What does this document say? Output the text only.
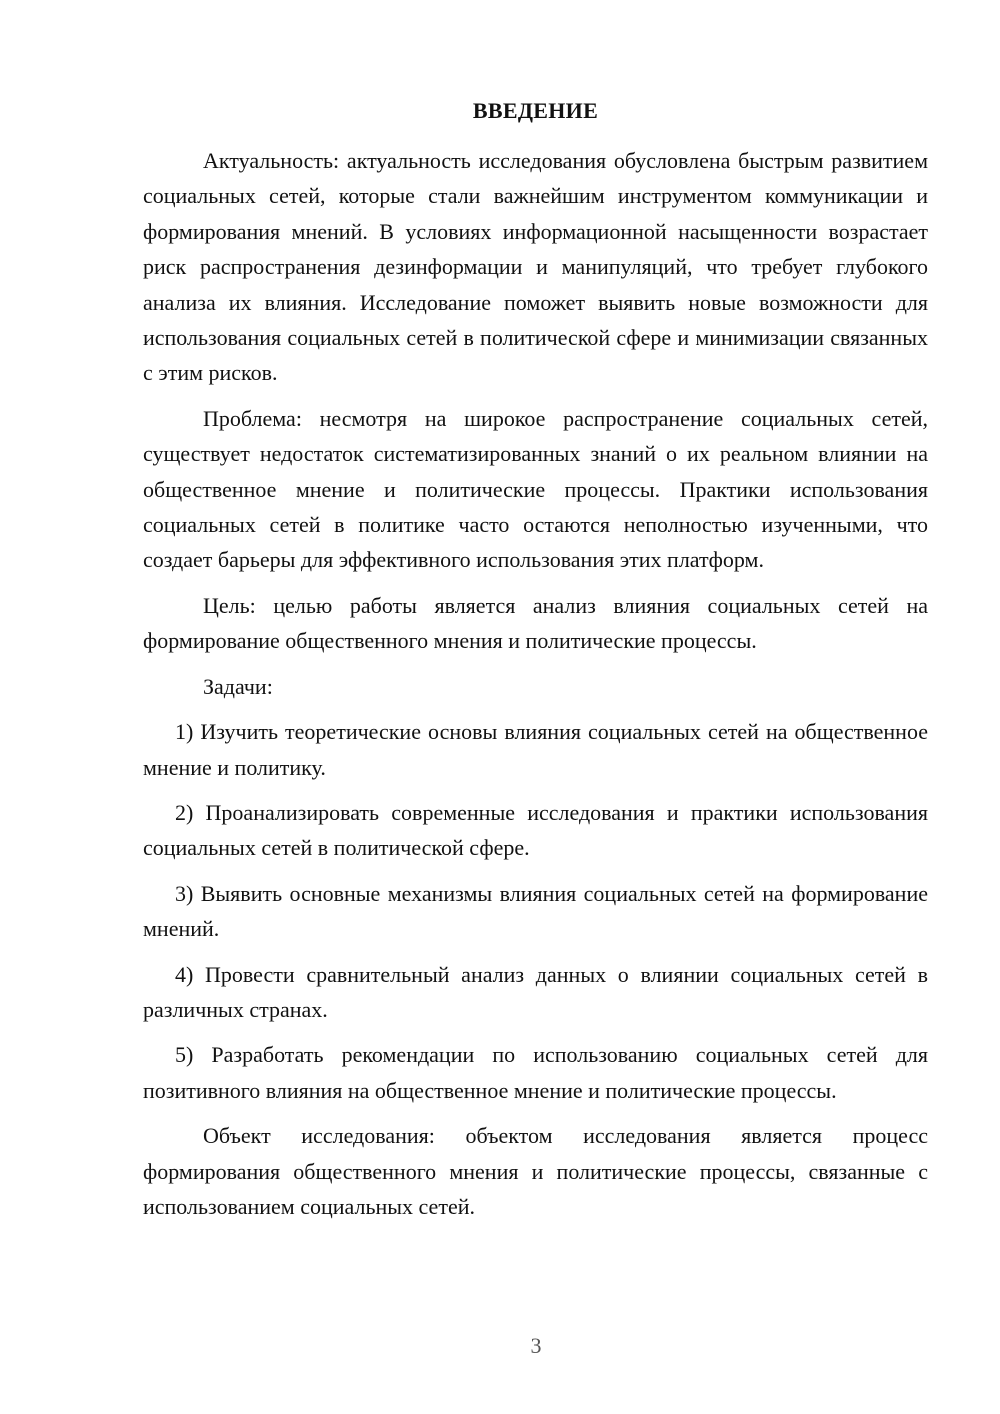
ВВЕДЕНИЕ

Актуальность: актуальность исследования обусловлена быстрым развитием социальных сетей, которые стали важнейшим инструментом коммуникации и формирования мнений. В условиях информационной насыщенности возрастает риск распространения дезинформации и манипуляций, что требует глубокого анализа их влияния. Исследование поможет выявить новые возможности для использования социальных сетей в политической сфере и минимизации связанных с этим рисков.

Проблема: несмотря на широкое распространение социальных сетей, существует недостаток систематизированных знаний о их реальном влиянии на общественное мнение и политические процессы. Практики использования социальных сетей в политике часто остаются неполностью изученными, что создает барьеры для эффективного использования этих платформ.

Цель: целью работы является анализ влияния социальных сетей на формирование общественного мнения и политические процессы.

Задачи:

1) Изучить теоретические основы влияния социальных сетей на общественное мнение и политику.

2) Проанализировать современные исследования и практики использования социальных сетей в политической сфере.

3) Выявить основные механизмы влияния социальных сетей на формирование мнений.

4) Провести сравнительный анализ данных о влиянии социальных сетей в различных странах.

5) Разработать рекомендации по использованию социальных сетей для позитивного влияния на общественное мнение и политические процессы.

Объект исследования: объектом исследования является процесс формирования общественного мнения и политические процессы, связанные с использованием социальных сетей.

3
